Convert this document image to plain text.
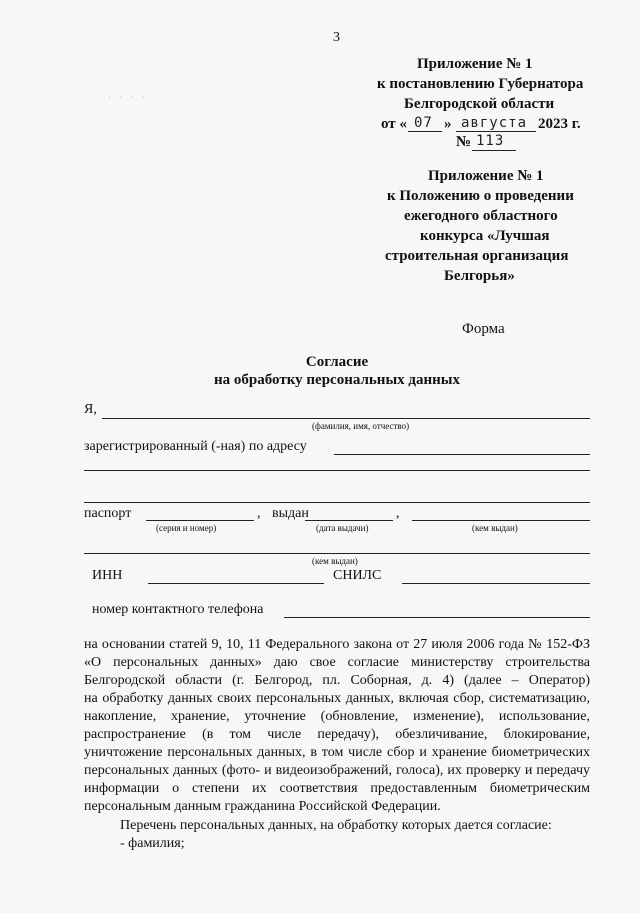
3
· · · ·
Приложение № 1
к постановлению Губернатора
Белгородской области
от « 07 » августа 2023 г.
№ 113
Приложение № 1
к Положению о проведении
ежегодного областного
конкурса «Лучшая
строительная организация
Белгорья»
Форма
Согласие
на обработку персональных данных
Я,
(фамилия, имя, отчество)
зарегистрированный (-ная) по адресу
паспорт	, выдан	,
(серия и номер)	(дата выдачи)	(кем выдан)
(кем выдан)
ИНН	СНИЛС
номер контактного телефона
на основании статей 9, 10, 11 Федерального закона от 27 июля 2006 года № 152-ФЗ
«О персональных данных» даю свое согласие министерству строительства
Белгородской области (г. Белгород, пл. Соборная, д. 4) (далее – Оператор)
на обработку данных своих персональных данных, включая сбор, систематизацию,
накопление, хранение, уточнение (обновление, изменение), использование,
распространение (в том числе передачу), обезличивание, блокирование,
уничтожение персональных данных, в том числе сбор и хранение биометрических
персональных данных (фото- и видеоизображений, голоса), их проверку и передачу
информации о степени их соответствия предоставленным биометрическим
персональным данным гражданина Российской Федерации.
Перечень персональных данных, на обработку которых дается согласие:
- фамилия;
